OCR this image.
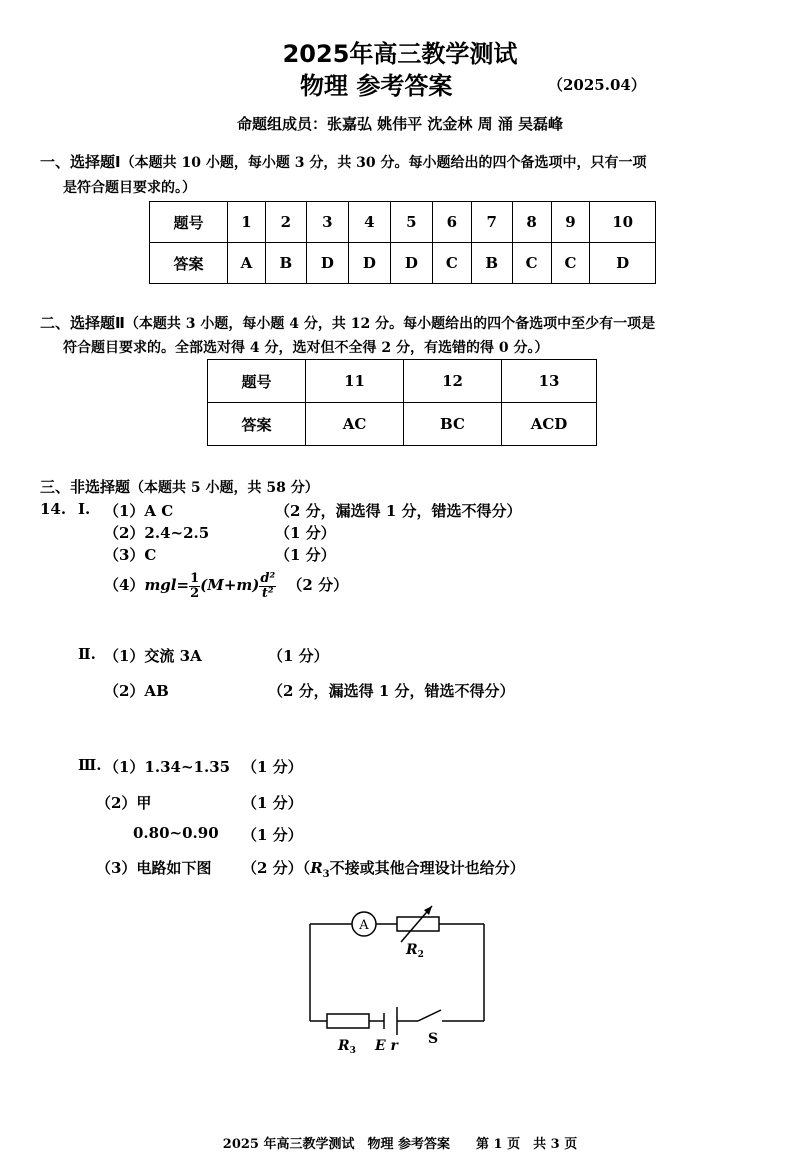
2025年高三教学测试
物理 参考答案	（2025.04）
命题组成员：张嘉弘 姚伟平 沈金林 周 涌 吴磊峰
一、选择题Ⅰ（本题共 10 小题，每小题 3 分，共 30 分。每小题给出的四个备选项中，只有一项
是符合题目要求的。）
题号	1	2	3	4	5	6	7	8	9	10
答案	A	B	D	D	D	C	B	C	C	D
二、选择题Ⅱ（本题共 3 小题，每小题 4 分，共 12 分。每小题给出的四个备选项中至少有一项是
符合题目要求的。全部选对得 4 分，选对但不全得 2 分，有选错的得 0 分。）
题号	11	12	13
答案	AC	BC	ACD
三、非选择题（本题共 5 小题，共 58 分）
14. Ⅰ. （1）A C	（2 分，漏选得 1 分，错选不得分）
（2）2.4~2.5	（1 分）
（3）C	（1 分）
$(4)mgl= \frac{1}{2} (M+m) \frac{\text{d²}}{\text{t²}} (2$ 分）
Ⅱ. （1）交流 3A	（1 分）
（2）AB	（2 分，漏选得 1 分，错选不得分）
Ⅲ. （1）1.34~1.35 （1 分）
（2）甲	（1 分）
0.80~0.90 （1 分）
（3）电路如下图 （2 分）（$R_3$不接或其他合理设计也给分）
A
$R_2$
$R_3$ E r S
2025 年高三教学测试　物理 参考答案　　第 1 页　共 3 页
